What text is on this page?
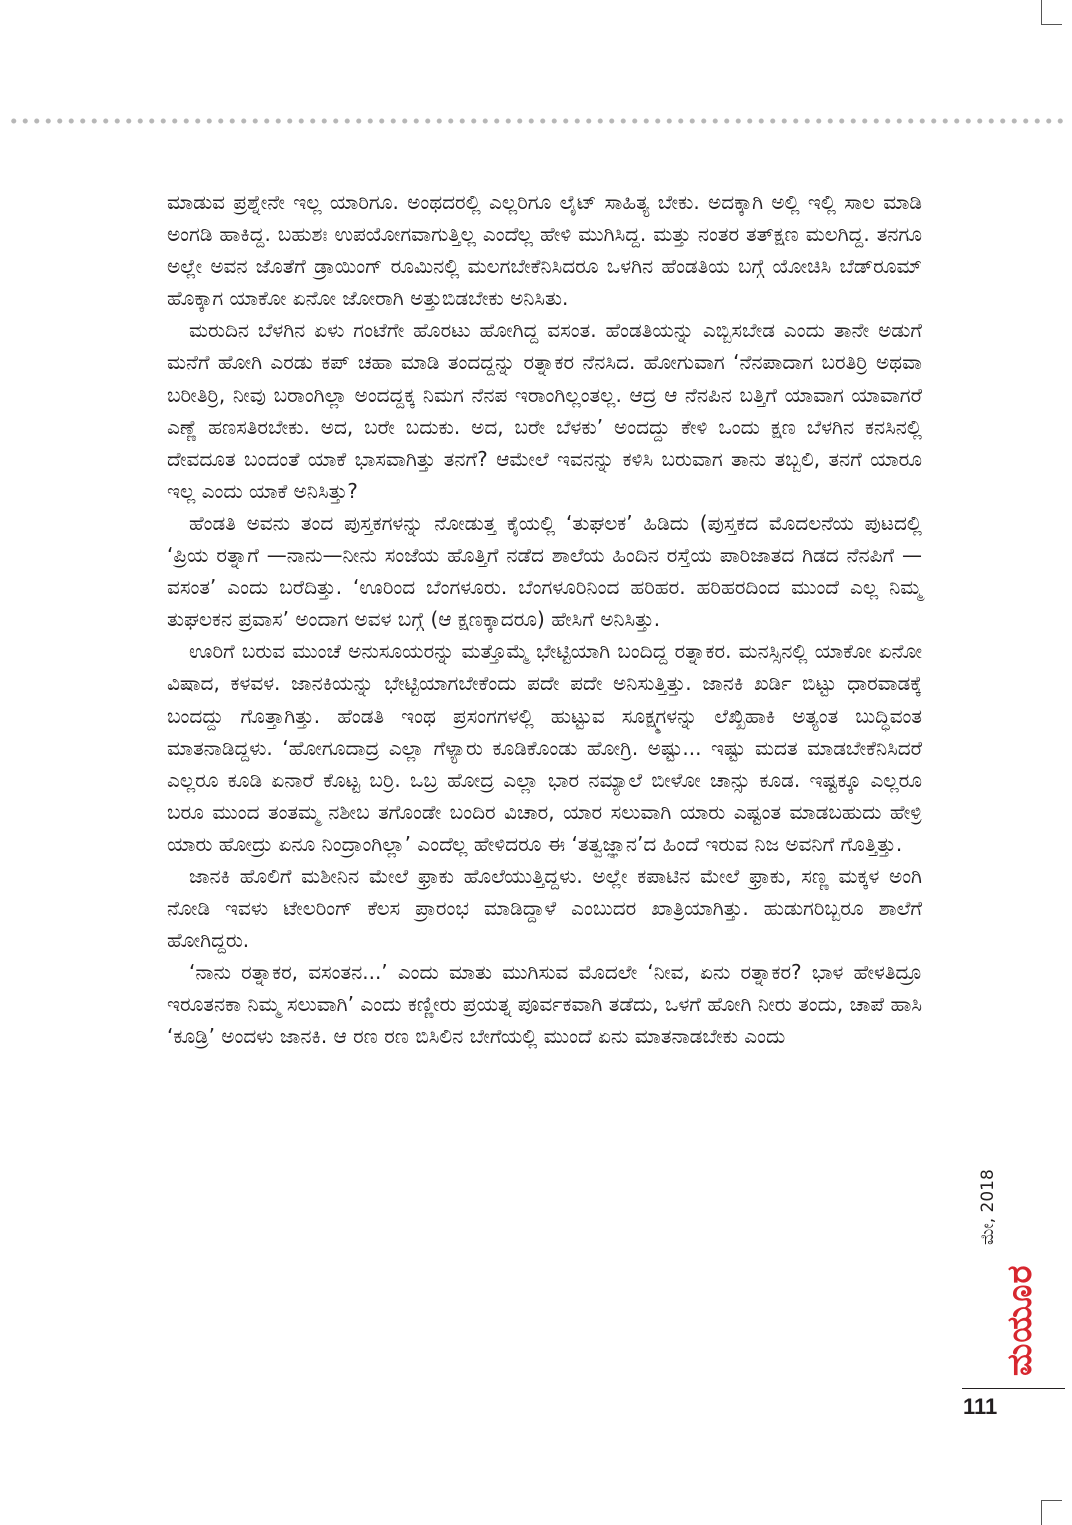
ಮಾಡುವ ಪ್ರಶ್ನೇನೇ ಇಲ್ಲ ಯಾರಿಗೂ. ಅಂಥದರಲ್ಲಿ ಎಲ್ಲರಿಗೂ ಲೈಟ್ ಸಾಹಿತ್ಯ ಬೇಕು. ಅದಕ್ಕಾಗಿ ಅಲ್ಲಿ ಇಲ್ಲಿ ಸಾಲ ಮಾಡಿ ಅಂಗಡಿ ಹಾಕಿದ್ದ. ಬಹುಶಃ ಉಪಯೋಗವಾಗುತ್ತಿಲ್ಲ ಎಂದೆಲ್ಲ ಹೇಳಿ ಮುಗಿಸಿದ್ದ. ಮತ್ತು ನಂತರ ತತ್‌ಕ್ಷಣ ಮಲಗಿದ್ದ. ತನಗೂ ಅಲ್ಲೇ ಅವನ ಜೊತೆಗೆ ಡ್ರಾಯಿಂಗ್ ರೂಮಿನಲ್ಲಿ ಮಲಗಬೇಕೆನಿಸಿದರೂ ಒಳಗಿನ ಹೆಂಡತಿಯ ಬಗ್ಗೆ ಯೋಚಿಸಿ ಬೆಡ್‌ರೂಮ್ ಹೊಕ್ಕಾಗ ಯಾಕೋ ಏನೋ ಜೋರಾಗಿ ಅತ್ತುಬಿಡಬೇಕು ಅನಿಸಿತು.

ಮರುದಿನ ಬೆಳಗಿನ ಏಳು ಗಂಟೆಗೇ ಹೊರಟು ಹೋಗಿದ್ದ ವಸಂತ. ಹೆಂಡತಿಯನ್ನು ಎಬ್ಬಿಸಬೇಡ ಎಂದು ತಾನೇ ಅಡುಗೆ ಮನೆಗೆ ಹೋಗಿ ಎರಡು ಕಪ್ ಚಹಾ ಮಾಡಿ ತಂದದ್ದನ್ನು ರತ್ನಾಕರ ನೆನಸಿದ. ಹೋಗುವಾಗ ‘ನೆನಪಾದಾಗ ಬರತಿರ್‍ರಿ ಅಥವಾ ಬರೀತಿರ್‍ರಿ, ನೀವು ಬರಾಂಗಿಲ್ಲಾ ಅಂದದ್ದಕ್ಕ ನಿಮಗ ನೆನಪ ಇರಾಂಗಿಲ್ಲಂತಲ್ಲ. ಆದ್ರ ಆ ನೆನಪಿನ ಬತ್ತಿಗೆ ಯಾವಾಗ ಯಾವಾಗರೆ ಎಣ್ಣೆ ಹಣಸತಿರಬೇಕು. ಅದ, ಬರೇ ಬದುಕು. ಅದ, ಬರೇ ಬೆಳಕು’ ಅಂದದ್ದು ಕೇಳಿ ಒಂದು ಕ್ಷಣ ಬೆಳಗಿನ ಕನಸಿನಲ್ಲಿ ದೇವದೂತ ಬಂದಂತೆ ಯಾಕೆ ಭಾಸವಾಗಿತ್ತು ತನಗೆ? ಆಮೇಲೆ ಇವನನ್ನು ಕಳಿಸಿ ಬರುವಾಗ ತಾನು ತಬ್ಬಲಿ, ತನಗೆ ಯಾರೂ ಇಲ್ಲ ಎಂದು ಯಾಕೆ ಅನಿಸಿತ್ತು?

ಹೆಂಡತಿ ಅವನು ತಂದ ಪುಸ್ತಕಗಳನ್ನು ನೋಡುತ್ತ ಕೈಯಲ್ಲಿ ‘ತುಘಲಕ’ ಹಿಡಿದು (ಪುಸ್ತಕದ ಮೊದಲನೆಯ ಪುಟದಲ್ಲಿ ‘ಪ್ರಿಯ ರತ್ನಾಗೆ —ನಾನು—ನೀನು ಸಂಜೆಯ ಹೊತ್ತಿಗೆ ನಡೆದ ಶಾಲೆಯ ಹಿಂದಿನ ರಸ್ತೆಯ ಪಾರಿಜಾತದ ಗಿಡದ ನೆನಪಿಗೆ —ವಸಂತ’ ಎಂದು ಬರೆದಿತ್ತು. ‘ಊರಿಂದ ಬೆಂಗಳೂರು. ಬೆಂಗಳೂರಿನಿಂದ ಹರಿಹರ. ಹರಿಹರದಿಂದ ಮುಂದೆ ಎಲ್ಲ ನಿಮ್ಮ ತುಘಲಕನ ಪ್ರವಾಸ’ ಅಂದಾಗ ಅವಳ ಬಗ್ಗೆ (ಆ ಕ್ಷಣಕ್ಕಾದರೂ) ಹೇಸಿಗೆ ಅನಿಸಿತ್ತು.

ಊರಿಗೆ ಬರುವ ಮುಂಚೆ ಅನುಸೂಯರನ್ನು ಮತ್ತೊಮ್ಮೆ ಭೇಟ್ಟಿಯಾಗಿ ಬಂದಿದ್ದ ರತ್ನಾಕರ. ಮನಸ್ಸಿನಲ್ಲಿ ಯಾಕೋ ಏನೋ ವಿಷಾದ, ಕಳವಳ. ಜಾನಕಿಯನ್ನು ಭೇಟ್ಟಿಯಾಗಬೇಕೆಂದು ಪದೇ ಪದೇ ಅನಿಸುತ್ತಿತ್ತು. ಜಾನಕಿ ಖರ್ಡಿ ಬಿಟ್ಟು ಧಾರವಾಡಕ್ಕೆ ಬಂದದ್ದು ಗೊತ್ತಾಗಿತ್ತು. ಹೆಂಡತಿ ಇಂಥ ಪ್ರಸಂಗಗಳಲ್ಲಿ ಹುಟ್ಟುವ ಸೂಕ್ಷ್ಮಗಳನ್ನು ಲೆಖ್ಖಿಹಾಕಿ ಅತ್ಯಂತ ಬುದ್ಧಿವಂತ ಮಾತನಾಡಿದ್ದಳು. ‘ಹೋಗೂದಾದ್ರ ಎಲ್ಲಾ ಗೆಳ್ಯಾರು ಕೂಡಿಕೊಂಡು ಹೋಗ್ರಿ. ಅಷ್ಟು... ಇಷ್ಟು ಮದತ ಮಾಡಬೇಕೆನಿಸಿದರೆ ಎಲ್ಲರೂ ಕೂಡಿ ಏನಾರೆ ಕೊಟ್ಟ ಬರ್‍ರಿ. ಒಬ್ರ ಹೋದ್ರ ಎಲ್ಲಾ ಭಾರ ನಮ್ಯಾಲೆ ಬೀಳೋ ಚಾನ್ಸು ಕೂಡ. ಇಷ್ಟಕ್ಕೂ ಎಲ್ಲರೂ ಬರೂ ಮುಂದ ತಂತಮ್ಮ ನಶೀಬ ತಗೊಂಡೇ ಬಂದಿರ ವಿಚಾರ, ಯಾರ ಸಲುವಾಗಿ ಯಾರು ಎಷ್ಟಂತ ಮಾಡಬಹುದು ಹೇಳ್ರಿ ಯಾರು ಹೋದ್ರು ಏನೂ ನಿಂದ್ರಾಂಗಿಲ್ಲಾ’ ಎಂದೆಲ್ಲ ಹೇಳಿದರೂ ಈ ‘ತತ್ವಜ್ಞಾನ’ದ ಹಿಂದೆ ಇರುವ ನಿಜ ಅವನಿಗೆ ಗೊತ್ತಿತ್ತು.

ಜಾನಕಿ ಹೊಲಿಗೆ ಮಶೀನಿನ ಮೇಲೆ ಫ್ರಾಕು ಹೊಲೆಯುತ್ತಿದ್ದಳು. ಅಲ್ಲೇ ಕಪಾಟಿನ ಮೇಲೆ ಫ್ರಾಕು, ಸಣ್ಣ ಮಕ್ಕಳ ಅಂಗಿ ನೋಡಿ ಇವಳು ಟೇಲರಿಂಗ್ ಕೆಲಸ ಪ್ರಾರಂಭ ಮಾಡಿದ್ದಾಳೆ ಎಂಬುದರ ಖಾತ್ರಿಯಾಗಿತ್ತು. ಹುಡುಗರಿಬ್ಬರೂ ಶಾಲೆಗೆ ಹೋಗಿದ್ದರು.

‘ನಾನು ರತ್ನಾಕರ, ವಸಂತನ...’ ಎಂದು ಮಾತು ಮುಗಿಸುವ ಮೊದಲೇ ‘ನೀವ, ಏನು ರತ್ನಾಕರ? ಭಾಳ ಹೇಳತಿದ್ರೂ ಇರೂತನಕಾ ನಿಮ್ಮ ಸಲುವಾಗಿ’ ಎಂದು ಕಣ್ಣೀರು ಪ್ರಯತ್ನ ಪೂರ್ವಕವಾಗಿ ತಡೆದು, ಒಳಗೆ ಹೋಗಿ ನೀರು ತಂದು, ಚಾಪೆ ಹಾಸಿ ‘ಕೂಡ್ರಿ’ ಅಂದಳು ಜಾನಕಿ. ಆ ರಣ ರಣ ಬಿಸಿಲಿನ ಬೇಗೆಯಲ್ಲಿ ಮುಂದೆ ಏನು ಮಾತನಾಡಬೇಕು ಎಂದು

ಮೇ, 2018
ಮಯೂರ
111
